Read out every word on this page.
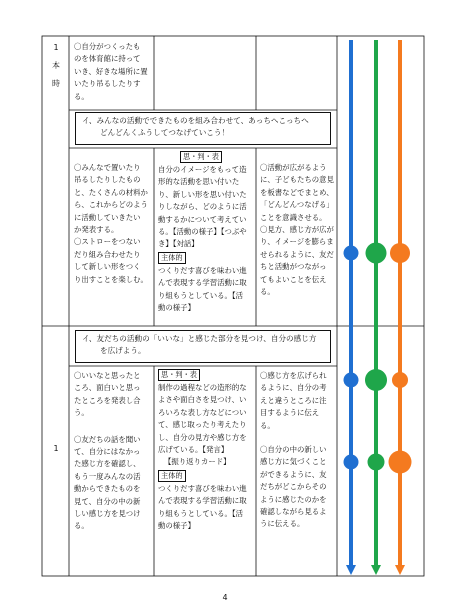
1
本
時
〇自分がつくったも
のを体育館に持って
いき、好きな場所に置
いたり吊るしたりす
る。
イ、みんなの活動でできたものを組み合わせて、あっちへこっちへ
どんどんくふうしてつなげていこう！
〇みんなで置いたり
吊るしたりしたもの
と、たくさんの材料か
ら、これからどのよう
に活動していきたい
か発表する。
〇ストローをつない
だり組み合わせたり
して新しい形をつく
り出すことを楽しむ。
思・判・表
自分のイメージをもって造
形的な活動を思い付いた
り、新しい形を思い付いた
りしながら、どのように活
動するかについて考えてい
る。【活動の様子】【つぶや
き】【対話】
主体的
つくりだす喜びを味わい進
んで表現する学習活動に取
り組もうとしている。【活
動の様子】
〇活動が広がるよう
に、子どもたちの意見
を板書などでまとめ、
「どんどんつなげる」
ことを意識させる。
〇見方、感じ方が広が
り、イメージを膨らま
せられるように、友だ
ちと活動がつながっ
てもよいことを伝え
る。
イ、友だちの活動の「いいな」と感じた部分を見つけ、自分の感じ方
を広げよう。
1
〇いいなと思ったと
ころ、面白いと思っ
たところを発表し合
う。
〇友だちの話を聞い
て、自分にはなかっ
た感じ方を確認し、
もう一度みんなの活
動からできたものを
見て、自分の中の新
しい感じ方を見つけ
る。
思・判・表
制作の過程などの造形的な
よさや面白さを見つけ、い
ろいろな表し方などについ
て、感じ取ったり考えたり
し、自分の見方や感じ方を
広げている。【発言】
【振り返りカード】
主体的
つくりだす喜びを味わい進
んで表現する学習活動に取
り組もうとしている。【活
動の様子】
〇感じ方を広げられ
るように、自分の考
えと違うところに注
目するように伝え
る。
〇自分の中の新しい
感じ方に気づくこと
ができるように、友
だちがどこからその
ように感じたのかを
確認しながら見るよ
うに伝える。
4
